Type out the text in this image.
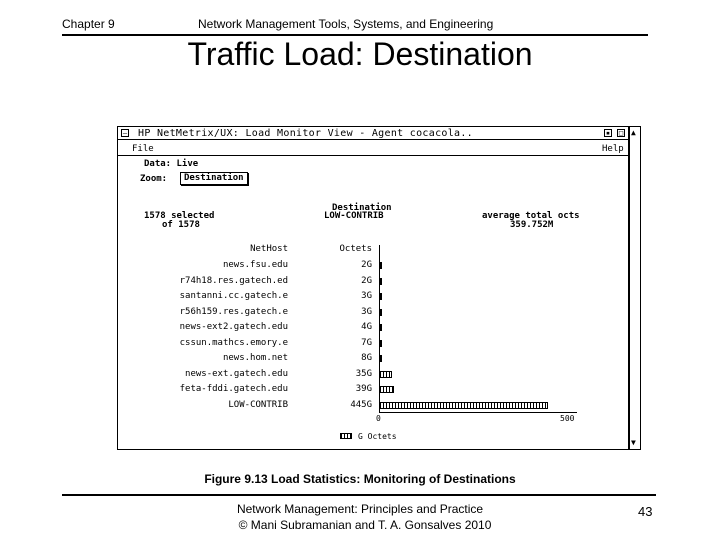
Chapter 9	Network Management Tools, Systems, and Engineering
Traffic Load: Destination
– HP NetMetrix/UX: Load Monitor View - Agent cocacola..	▪ □
File	Help
Data: Live
Zoom:	Destination
1578 selected
of 1578
Destination
LOW-CONTRIB	average total octs
359.752M
NetHost	Octets
news.fsu.edu	2G
r74h18.res.gatech.ed	2G
santanni.cc.gatech.e	3G
r56h159.res.gatech.e	3G
news-ext2.gatech.edu	4G
cssun.mathcs.emory.e	7G
news.hom.net	8G
news-ext.gatech.edu	35G
feta-fddi.gatech.edu	39G
LOW-CONTRIB	445G
0	500
G Octets
▲
▼
Figure 9.13 Load Statistics: Monitoring of Destinations
Network Management: Principles and Practice
© Mani Subramanian and T. A. Gonsalves 2010
43
